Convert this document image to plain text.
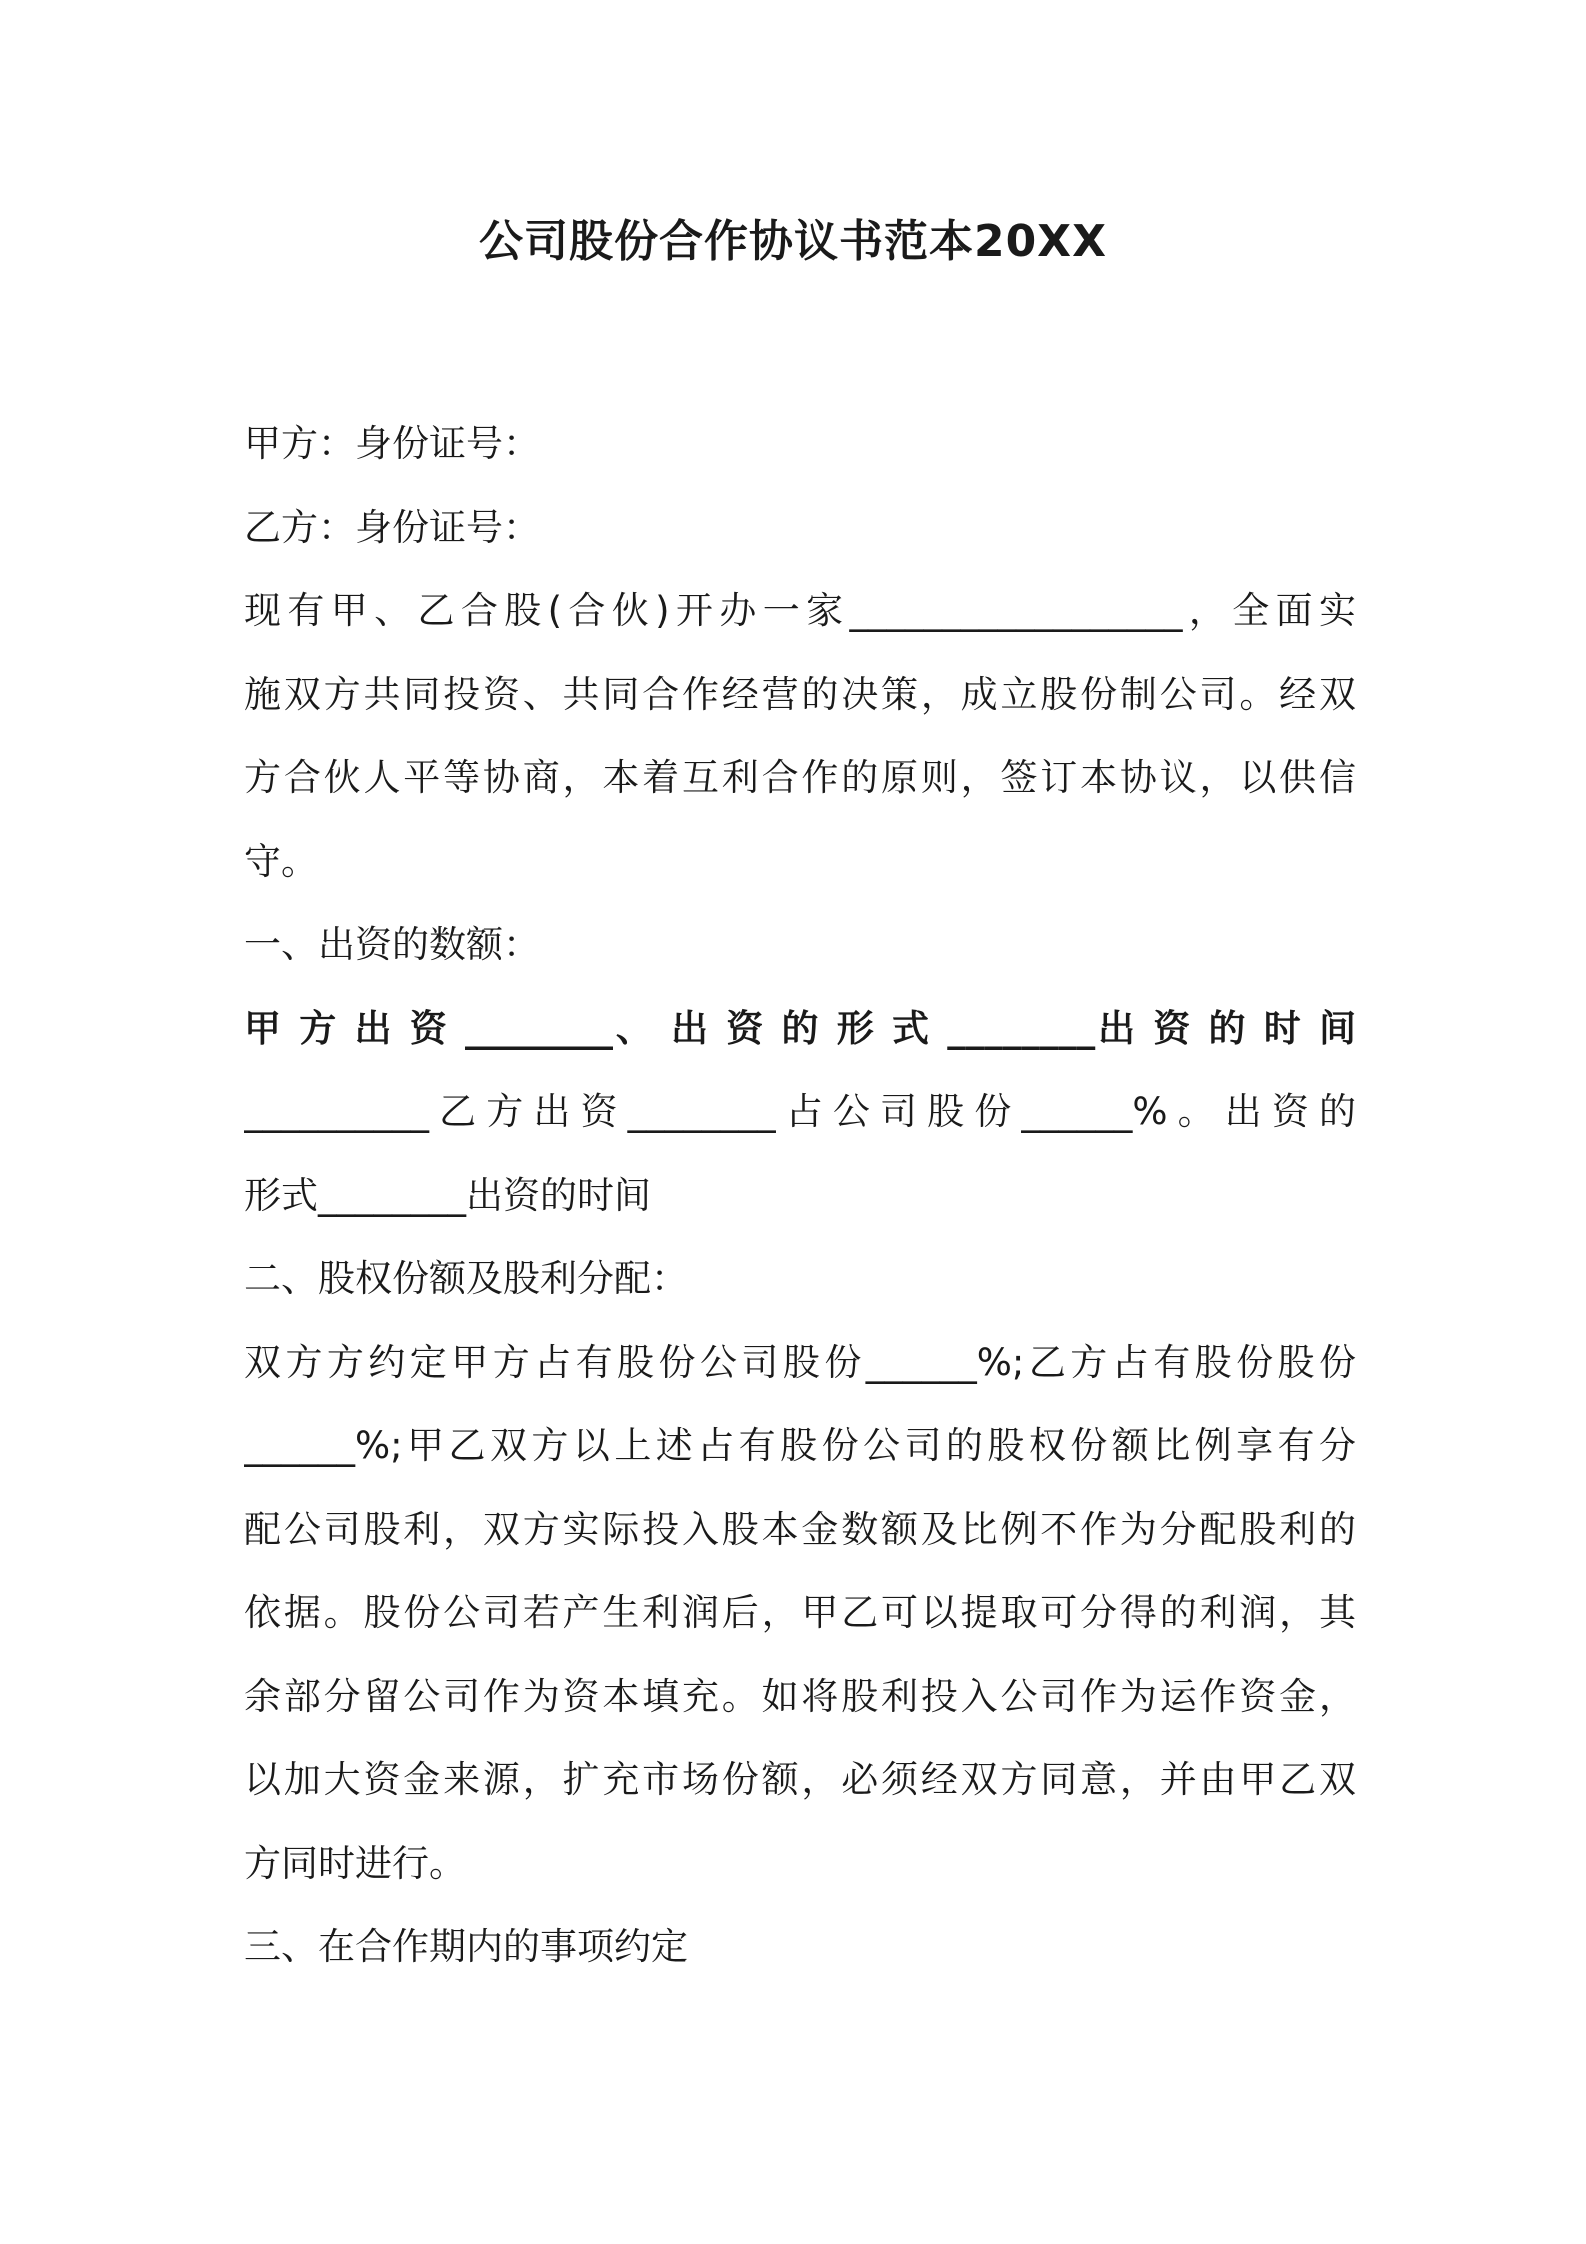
公司股份合作协议书范本20XX

甲方：身份证号：

乙方：身份证号：

现有甲、乙合股(合伙)开办一家__________________，全面实

施双方共同投资、共同合作经营的决策，成立股份制公司。经双

方合伙人平等协商，本着互利合作的原则，签订本协议，以供信

守。

一、出资的数额：

甲 方 出 资 ________、 出 资 的 形 式 ________出 资 的 时 间

__________乙方出资________占公司股份______%。出资的

形式________出资的时间

二、股权份额及股利分配：

双方方约定甲方占有股份公司股份______%;乙方占有股份股份

______%;甲乙双方以上述占有股份公司的股权份额比例享有分

配公司股利，双方实际投入股本金数额及比例不作为分配股利的

依据。股份公司若产生利润后，甲乙可以提取可分得的利润，其

余部分留公司作为资本填充。如将股利投入公司作为运作资金，

以加大资金来源，扩充市场份额，必须经双方同意，并由甲乙双

方同时进行。

三、在合作期内的事项约定
